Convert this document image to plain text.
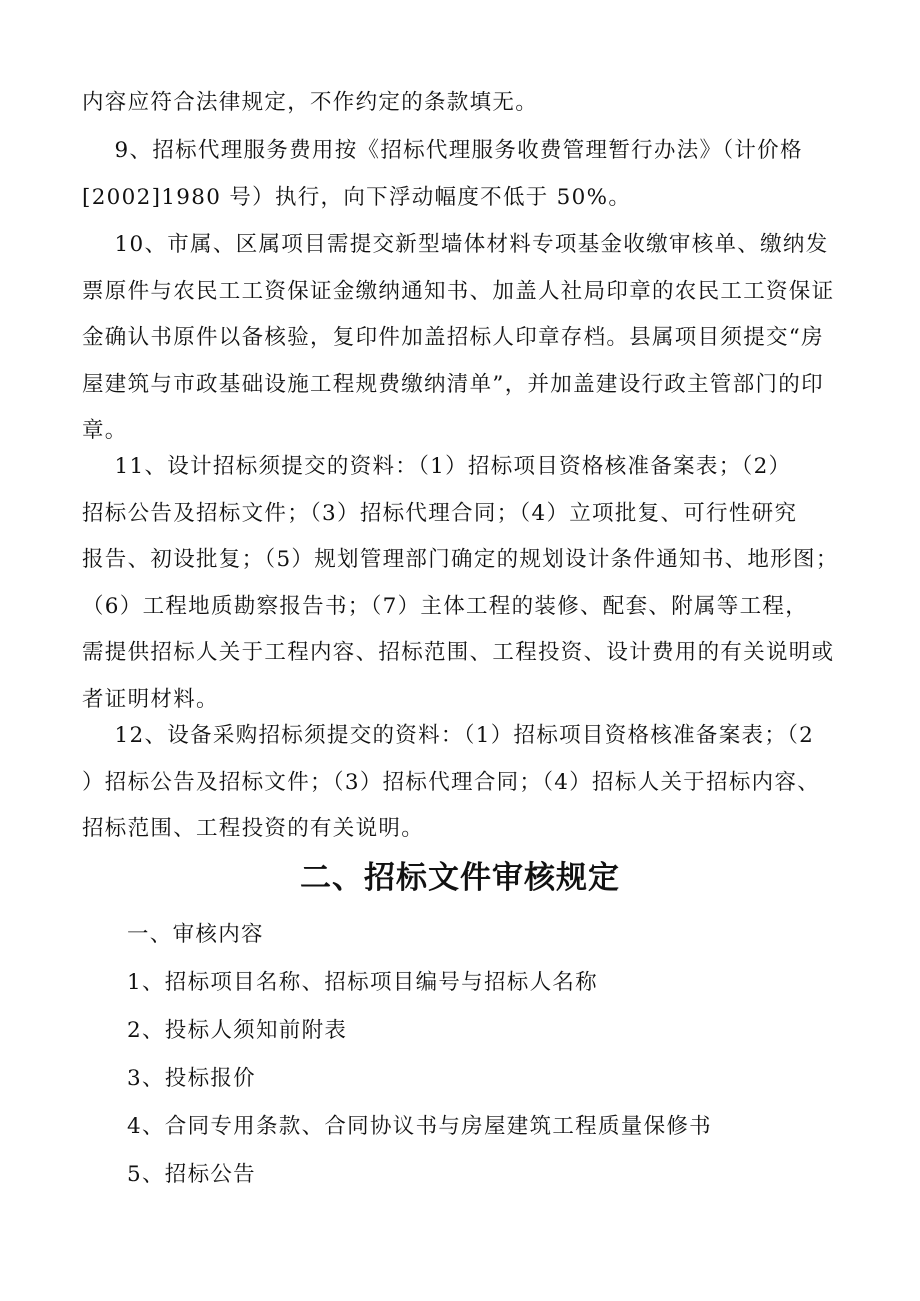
内容应符合法律规定，不作约定的条款填无。
9、招标代理服务费用按《招标代理服务收费管理暂行办法》（计价格
[2002]1980 号）执行，向下浮动幅度不低于 50%。
10、市属、区属项目需提交新型墙体材料专项基金收缴审核单、缴纳发
票原件与农民工工资保证金缴纳通知书、加盖人社局印章的农民工工资保证
金确认书原件以备核验，复印件加盖招标人印章存档。县属项目须提交“房
屋建筑与市政基础设施工程规费缴纳清单”，并加盖建设行政主管部门的印
章。
11、设计招标须提交的资料：（1）招标项目资格核准备案表；（2）
招标公告及招标文件；（3）招标代理合同；（4）立项批复、可行性研究
报告、初设批复；（5）规划管理部门确定的规划设计条件通知书、地形图；
（6）工程地质勘察报告书；（7）主体工程的装修、配套、附属等工程，
需提供招标人关于工程内容、招标范围、工程投资、设计费用的有关说明或
者证明材料。
12、设备采购招标须提交的资料：（1）招标项目资格核准备案表；（2
）招标公告及招标文件；（3）招标代理合同；（4）招标人关于招标内容、
招标范围、工程投资的有关说明。
二、招标文件审核规定

一、审核内容

1、招标项目名称、招标项目编号与招标人名称

2、投标人须知前附表

3、投标报价

4、合同专用条款、合同协议书与房屋建筑工程质量保修书

5、招标公告
